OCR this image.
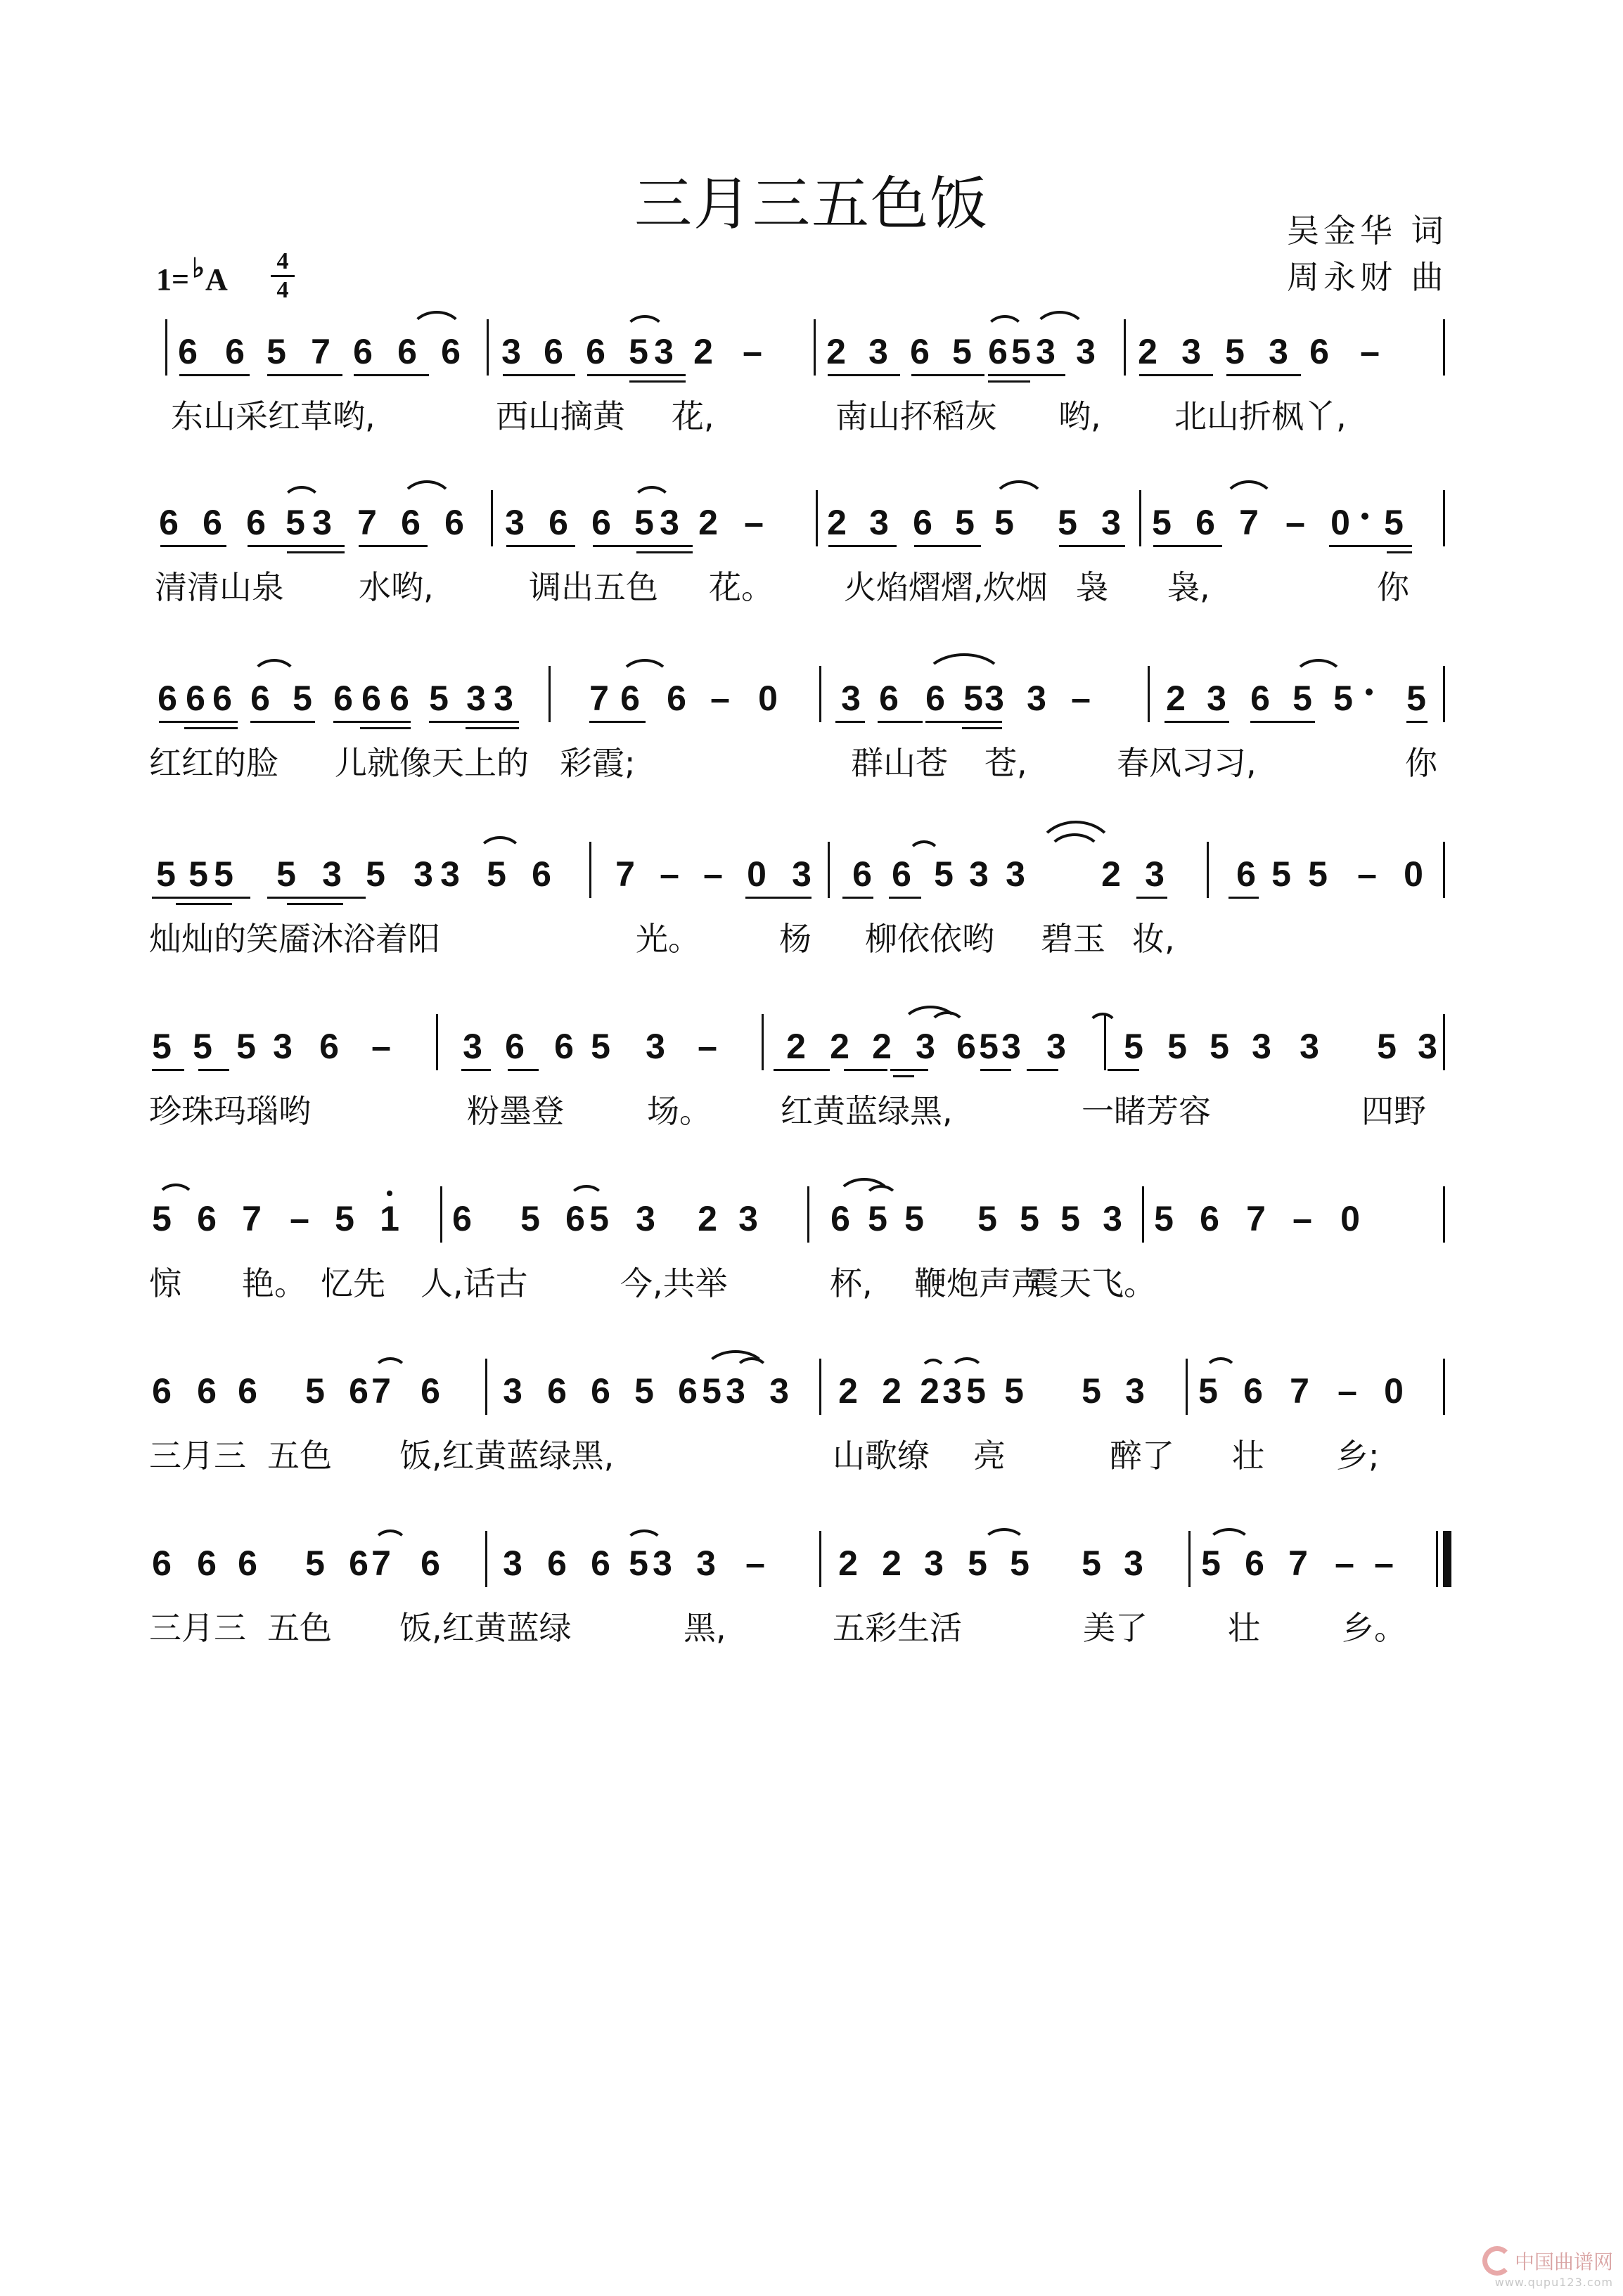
三月三五色饭	吴金华 词
周永财 曲
1= ♭A
4
4
6 6 5 7 6 6 6 3 6 6 5 3 2 – 2 3 6 5 6 5 3 3 2 3 5 3 6 –
东山采红草哟,	西山摘黄 花,	南山抔稻灰 哟, 北山折枫丫,
6 6 6 5 3 7 6 6 3 6 6 5 3 2 – 2 3 6 5 5 5 3 5 6 7 – 0 5
清清山泉 水哟,	调出五色 花。 火焰熠熠, 炊烟 袅 袅,	你
6 6 6 6 5 6 6 6 5 3 3 7 6 6 – 0 3 6 6 5 3 3 – 2 3 6 5 5 5
红红的脸 儿就像天上的 彩霞;	群山苍 苍,	春风习习,	你
5 5 5 5 3 5 3 3 5 6 7 – – 0 3 6 6 5 3 3 2 3 6 5 5 – 0
灿灿的笑靥沐浴着阳	光。 杨 柳依依哟 碧玉 妆,
5 5 5 3 6 – 3 6 6 5 3 – 2 2 2 3 6 5 3 3 5 5 5 3 3 5 3
珍珠玛瑙哟	粉墨登	场。 红黄蓝绿黑,	一睹芳容	四野
5 6 7 – 5 1 6 5 6 5 3 2 3 6 5 5 5 5 5 3 5 6 7 – 0
惊 艳。 忆先 人,话古	今,共举	杯, 鞭炮声声
震天飞。
6 6 6 5 6 7 6 3 6 6 5 6 5 3 3 2 2 2 3 5 5 5 3 5 6 7 – 0
三月三 五色 饭,红黄蓝绿黑,	山歌缭 亮	醉了 壮 乡;
6 6 6 5 6 7 6 3 6 6 5 3 3 – 2 2 3 5 5 5 3 5 6 7 – –
三月三 五色 饭,红黄蓝绿	黑,	五彩生活	美了 壮	乡。
中国曲谱网
www.qupu123.com
